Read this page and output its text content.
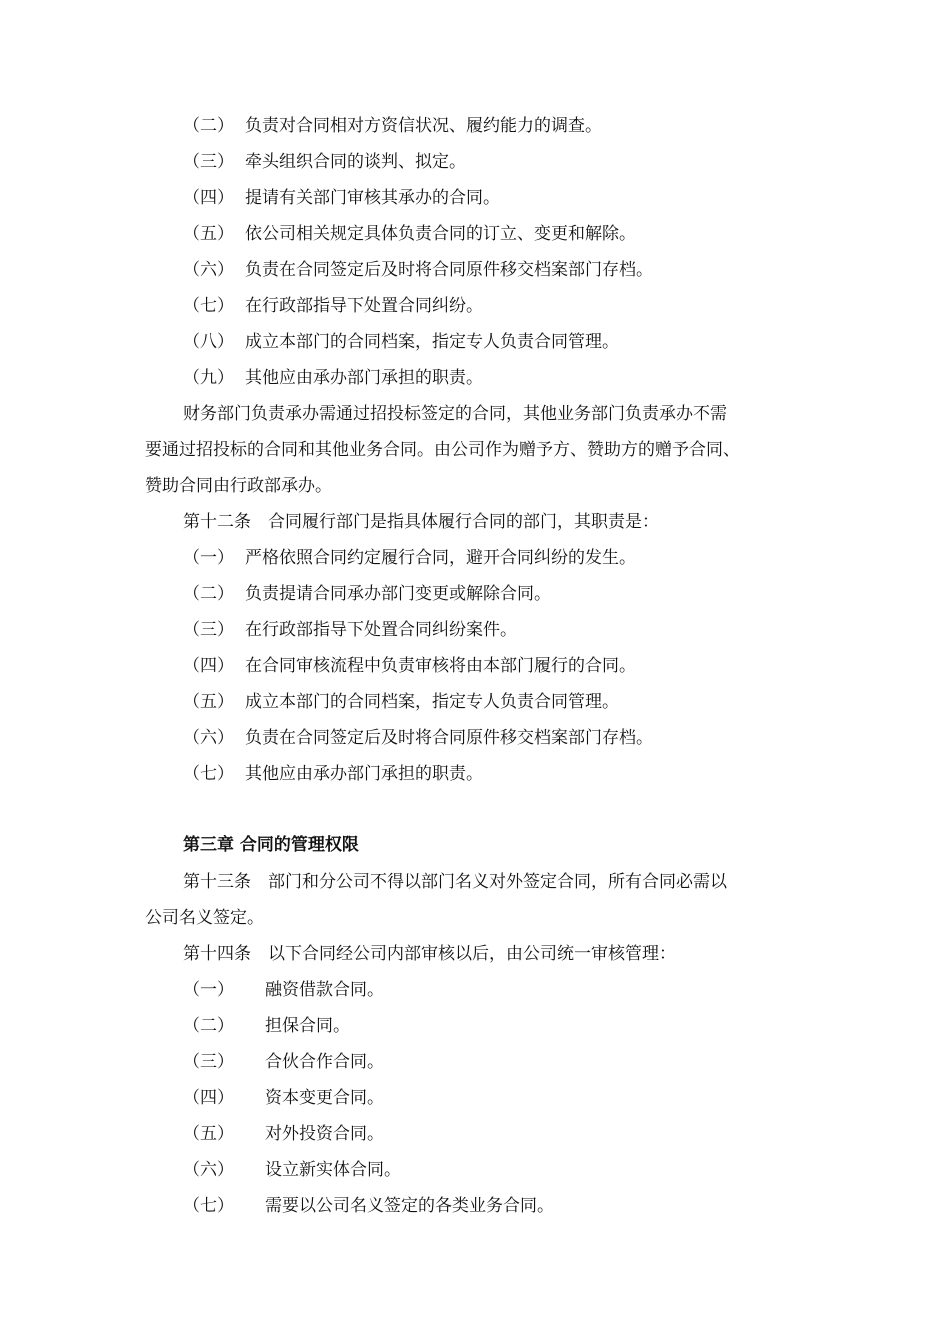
（二） 负责对合同相对方资信状况、履约能力的调查。
（三） 牵头组织合同的谈判、拟定。
（四） 提请有关部门审核其承办的合同。
（五） 依公司相关规定具体负责合同的订立、变更和解除。
（六） 负责在合同签定后及时将合同原件移交档案部门存档。
（七） 在行政部指导下处置合同纠纷。
（八） 成立本部门的合同档案，指定专人负责合同管理。
（九） 其他应由承办部门承担的职责。
财务部门负责承办需通过招投标签定的合同，其他业务部门负责承办不需
要通过招投标的合同和其他业务合同。由公司作为赠予方、赞助方的赠予合同、
赞助合同由行政部承办。
第十二条　合同履行部门是指具体履行合同的部门，其职责是：
（一） 严格依照合同约定履行合同，避开合同纠纷的发生。
（二） 负责提请合同承办部门变更或解除合同。
（三） 在行政部指导下处置合同纠纷案件。
（四） 在合同审核流程中负责审核将由本部门履行的合同。
（五） 成立本部门的合同档案，指定专人负责合同管理。
（六） 负责在合同签定后及时将合同原件移交档案部门存档。
（七） 其他应由承办部门承担的职责。
第三章 合同的管理权限
第十三条　部门和分公司不得以部门名义对外签定合同，所有合同必需以
公司名义签定。
第十四条　以下合同经公司内部审核以后，由公司统一审核管理：
（一） 融资借款合同。
（二） 担保合同。
（三） 合伙合作合同。
（四） 资本变更合同。
（五） 对外投资合同。
（六） 设立新实体合同。
（七） 需要以公司名义签定的各类业务合同。
